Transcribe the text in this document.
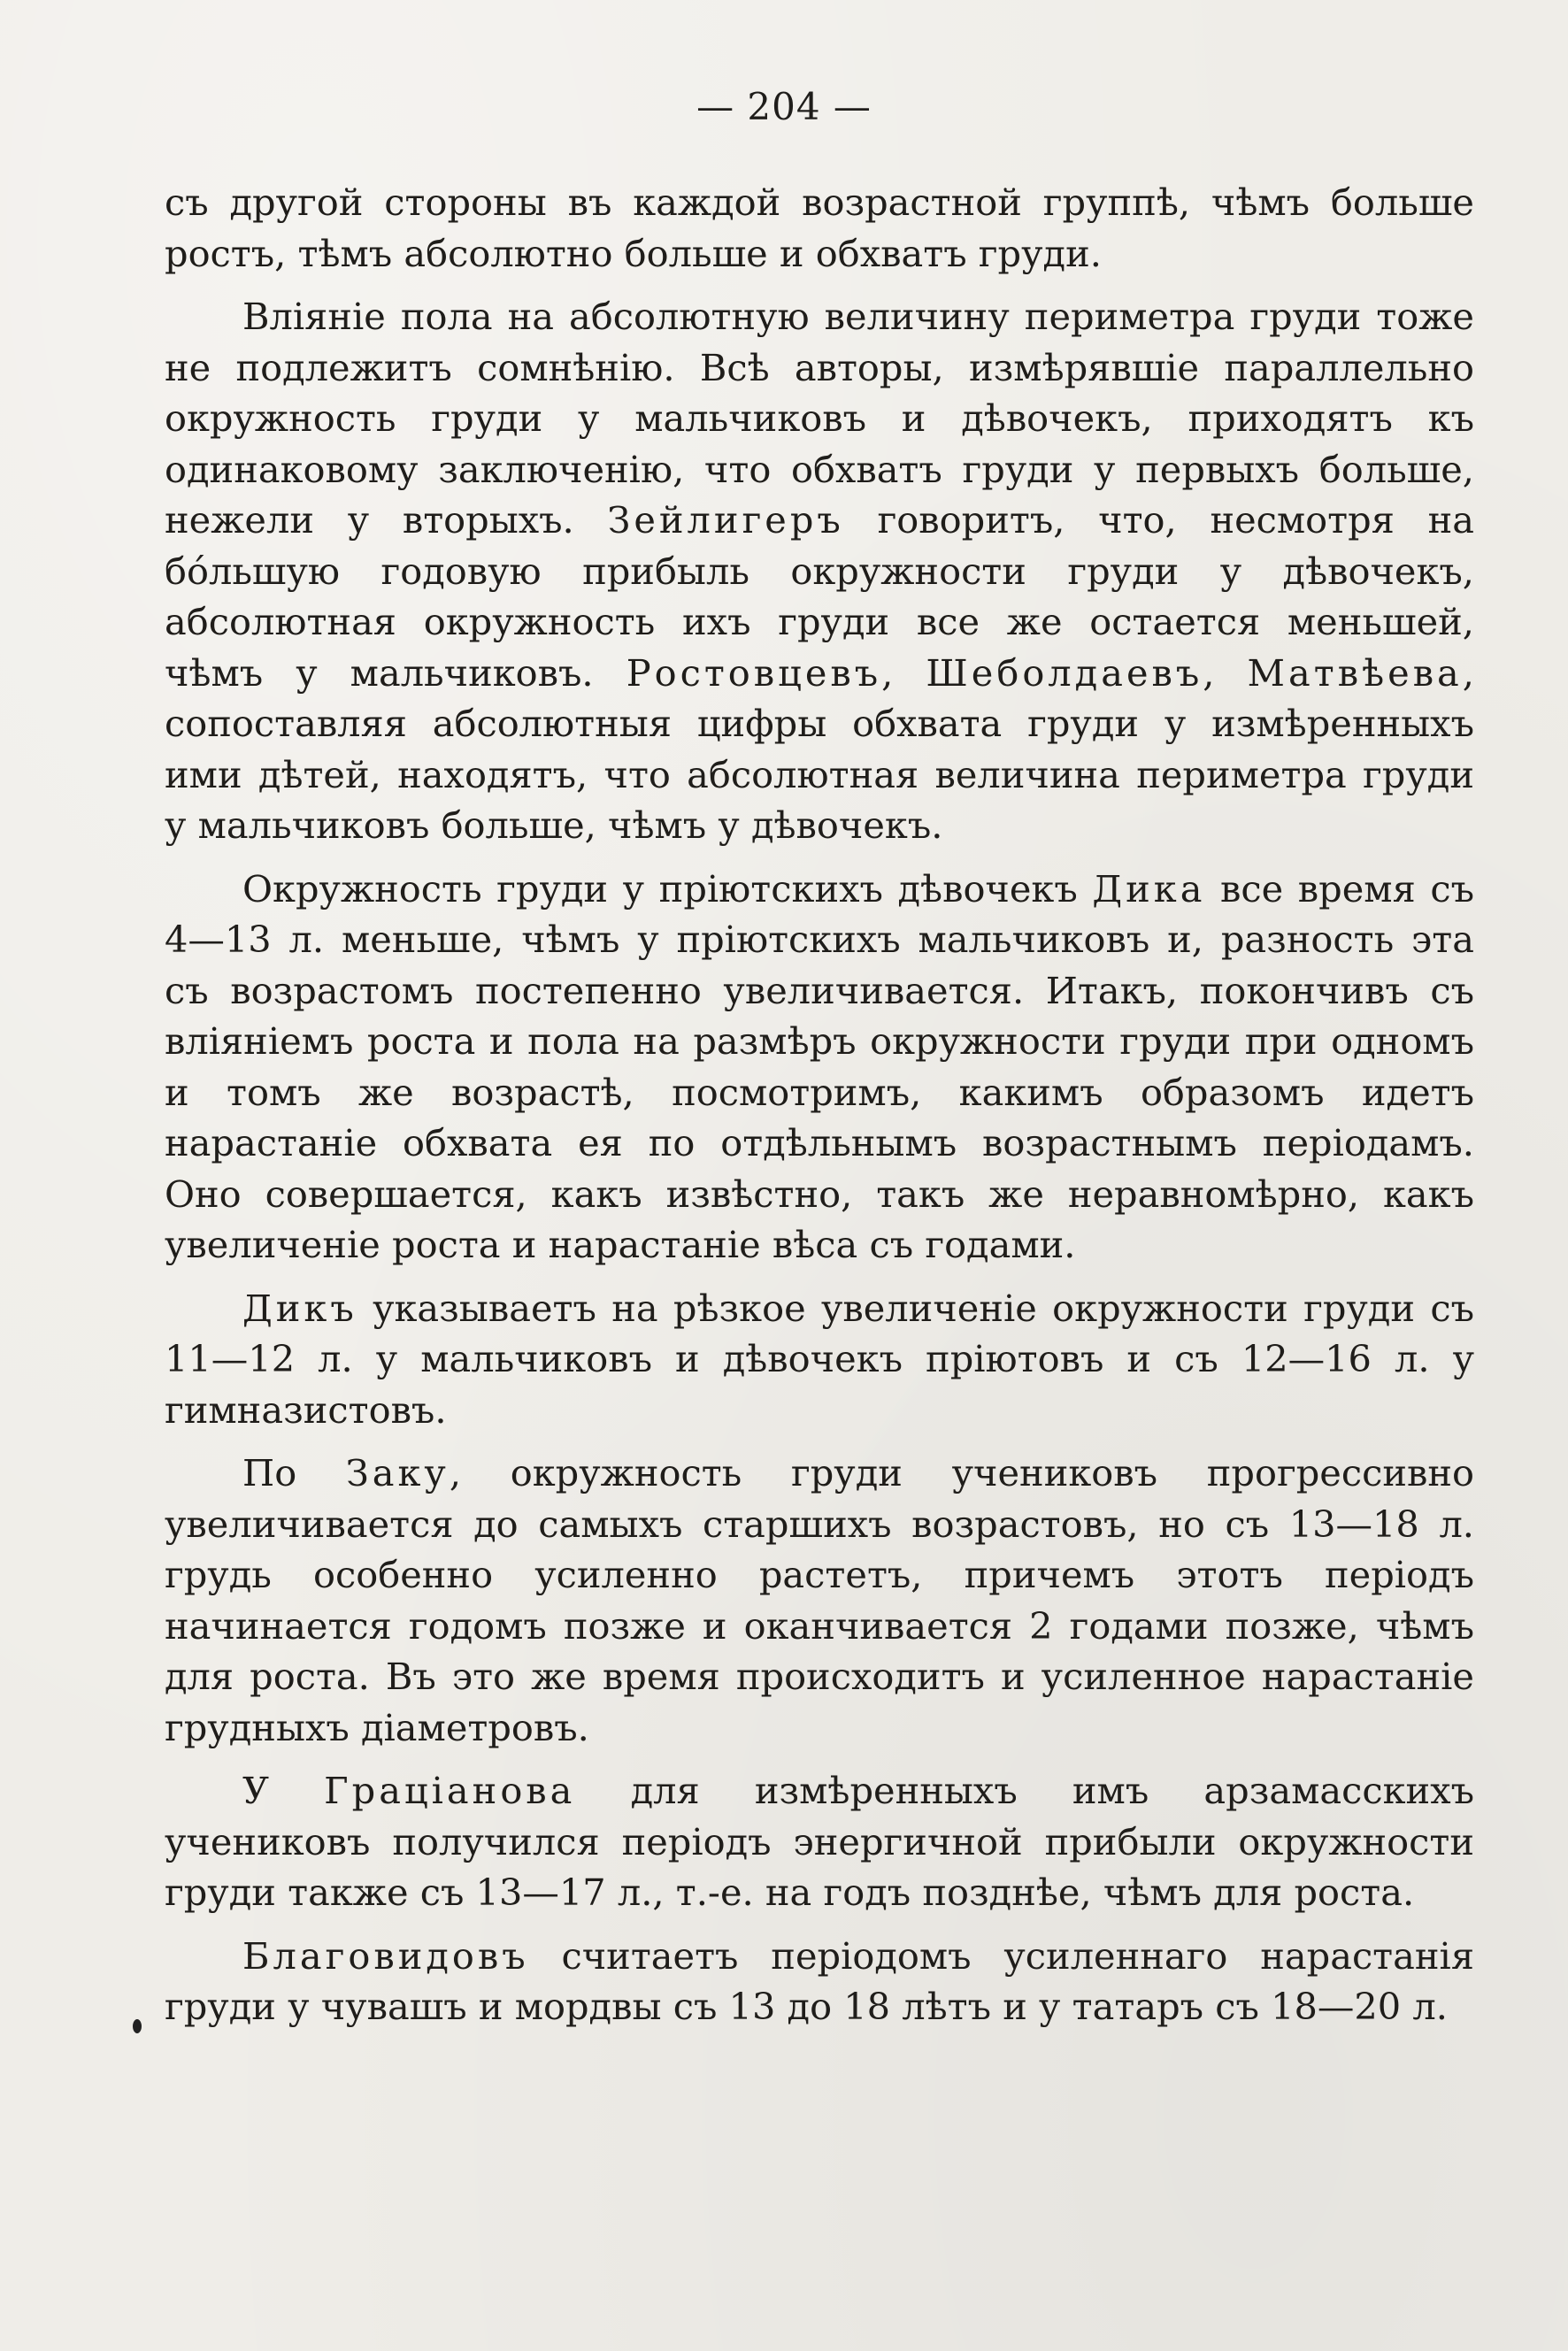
— 204 —

съ другой стороны въ каждой возрастной группѣ, чѣмъ больше ростъ, тѣмъ абсолютно больше и обхватъ груди.

Вліяніе пола на абсолютную величину периметра груди тоже не подлежитъ сомнѣнію. Всѣ авторы, измѣрявшіе параллельно окружность груди у мальчиковъ и дѣвочекъ, приходятъ къ одинаковому заключенію, что обхватъ груди у первыхъ больше, нежели у вторыхъ. Зейлигеръ говоритъ, что, несмотря на бо́льшую годовую прибыль окружности груди у дѣвочекъ, абсолютная окружность ихъ груди все же остается меньшей, чѣмъ у мальчиковъ. Ростовцевъ, Шеболдаевъ, Матвѣева, сопоставляя абсолютныя цифры обхвата груди у измѣренныхъ ими дѣтей, находятъ, что абсолютная величина периметра груди у мальчиковъ больше, чѣмъ у дѣвочекъ.

Окружность груди у пріютскихъ дѣвочекъ Дика все время съ 4—13 л. меньше, чѣмъ у пріютскихъ мальчиковъ и, разность эта съ возрастомъ постепенно увеличивается. Итакъ, покончивъ съ вліяніемъ роста и пола на размѣръ окружности груди при одномъ и томъ же возрастѣ, посмотримъ, какимъ образомъ идетъ нарастаніе обхвата ея по отдѣльнымъ возрастнымъ періодамъ. Оно совершается, какъ извѣстно, такъ же неравномѣрно, какъ увеличеніе роста и нарастаніе вѣса съ годами.

Дикъ указываетъ на рѣзкое увеличеніе окружности груди съ 11—12 л. у мальчиковъ и дѣвочекъ пріютовъ и съ 12—16 л. у гимназистовъ.

По Заку, окружность груди учениковъ прогрессивно увеличивается до самыхъ старшихъ возрастовъ, но съ 13—18 л. грудь особенно усиленно растетъ, причемъ этотъ періодъ начинается годомъ позже и оканчивается 2 годами позже, чѣмъ для роста. Въ это же время происходитъ и усиленное нарастаніе грудныхъ діаметровъ.

У Граціанова для измѣренныхъ имъ арзамасскихъ учениковъ получился періодъ энергичной прибыли окружности груди также съ 13—17 л., т.-е. на годъ позднѣе, чѣмъ для роста.

Благовидовъ считаетъ періодомъ усиленнаго нарастанія груди у чувашъ и мордвы съ 13 до 18 лѣтъ и у татаръ съ 18—20 л.
